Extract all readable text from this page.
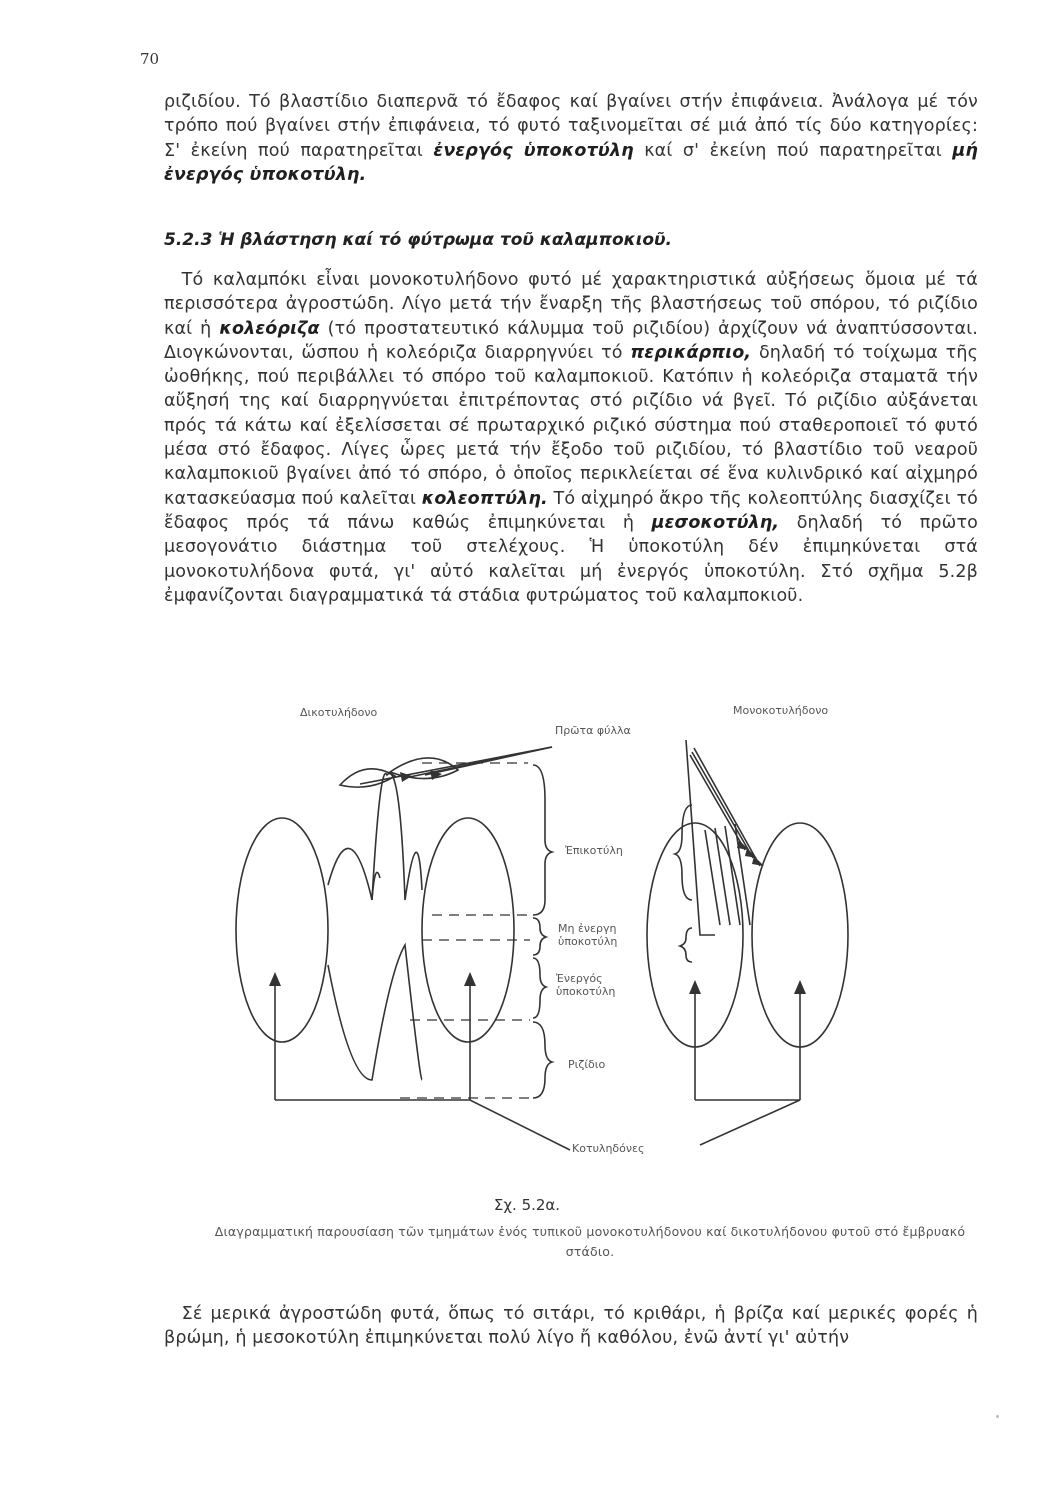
70
ριζιδίου. Τό βλαστίδιο διαπερνᾶ τό ἔδαφος καί βγαίνει στήν ἐπιφάνεια. Ἀνάλογα μέ τόν τρόπο πού βγαίνει στήν ἐπιφάνεια, τό φυτό ταξινομεῖται σέ μιά ἀπό τίς δύο κατηγορίες: Σ' ἐκείνη πού παρατηρεῖται ἐνεργός ὑποκοτύλη καί σ' ἐκείνη πού παρατηρεῖται μή ἐνεργός ὑποκοτύλη.
5.2.3 Ἡ βλάστηση καί τό φύτρωμα τοῦ καλαμποκιοῦ.
 Τό καλαμπόκι εἶναι μονοκοτυλήδονο φυτό μέ χαρακτηριστικά αὐξήσεως ὅμοια μέ τά περισσότερα ἀγροστώδη. Λίγο μετά τήν ἔναρξη τῆς βλαστήσεως τοῦ σπόρου, τό ριζίδιο καί ἡ κολεόριζα (τό προστατευτικό κάλυμμα τοῦ ριζιδίου) ἀρχίζουν νά ἀναπτύσσονται. Διογκώνονται, ὥσπου ἡ κολεόριζα διαρρηγνύει τό περικάρπιο, δηλαδή τό τοίχωμα τῆς ὠοθήκης, πού περιβάλλει τό σπόρο τοῦ καλαμποκιοῦ. Κατόπιν ἡ κολεόριζα σταματᾶ τήν αὔξησή της καί διαρρηγνύεται ἐπιτρέποντας στό ριζίδιο νά βγεῖ. Τό ριζίδιο αὐξάνεται πρός τά κάτω καί ἐξελίσσεται σέ πρωταρχικό ριζικό σύστημα πού σταθεροποιεῖ τό φυτό μέσα στό ἔδαφος. Λίγες ὧρες μετά τήν ἔξοδο τοῦ ριζιδίου, τό βλαστίδιο τοῦ νεαροῦ καλαμποκιοῦ βγαίνει ἀπό τό σπόρο, ὁ ὁποῖος περικλείεται σέ ἕνα κυλινδρικό καί αἰχμηρό κατασκεύασμα πού καλεῖται κολεοπτύλη. Τό αἰχμηρό ἄκρο τῆς κολεοπτύλης διασχίζει τό ἔδαφος πρός τά πάνω καθώς ἐπιμηκύνεται ἡ μεσοκοτύλη, δηλαδή τό πρῶτο μεσογονάτιο διάστημα τοῦ στελέχους. Ἡ ὑποκοτύλη δέν ἐπιμηκύνεται στά μονοκοτυλήδονα φυτά, γι' αὐτό καλεῖται μή ἐνεργός ὑποκοτύλη. Στό σχῆμα 5.2β ἐμφανίζονται διαγραμματικά τά στάδια φυτρώματος τοῦ καλαμποκιοῦ.
Δικοτυλήδονο	Μονοκοτυλήδονο
Πρῶτα φύλλα
Ἐπικοτύλη
Μη ἐνεργη
ὑποκοτύλη
Ἐνεργός
ὑποκοτύλη
Ριζίδιο
Κοτυληδόνες
Σχ. 5.2α.
Διαγραμματική παρουσίαση τῶν τμημάτων ἑνός τυπικοῦ μονοκοτυλήδονου καί δικοτυλήδονου φυτοῦ στό ἔμβρυακό στάδιο.
 Σέ μερικά ἀγροστώδη φυτά, ὅπως τό σιτάρι, τό κριθάρι, ἡ βρίζα καί μερικές φορές ἡ βρώμη, ἡ μεσοκοτύλη ἐπιμηκύνεται πολύ λίγο ἤ καθόλου, ἐνῶ ἀντί γι' αὐτήν
